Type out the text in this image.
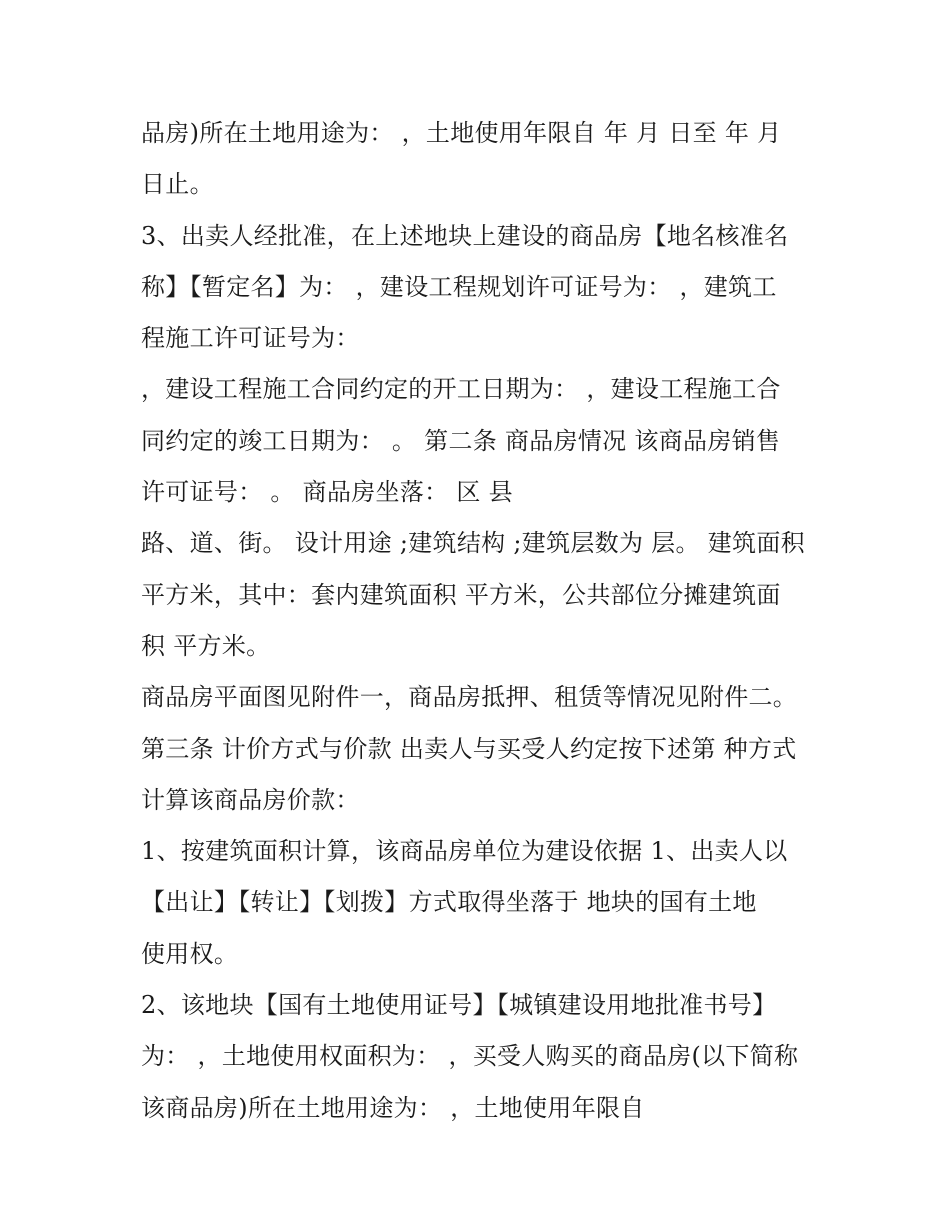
品房)所在土地用途为： ，土地使用年限自 年 月 日至 年 月
日止。
3、出卖人经批准，在上述地块上建设的商品房【地名核准名
称】【暂定名】为： ，建设工程规划许可证号为： ，建筑工
程施工许可证号为：
，建设工程施工合同约定的开工日期为： ，建设工程施工合
同约定的竣工日期为： 。 第二条 商品房情况 该商品房销售
许可证号： 。 商品房坐落： 区 县
路、道、街。 设计用途 ;建筑结构 ;建筑层数为 层。 建筑面积
平方米，其中：套内建筑面积 平方米，公共部位分摊建筑面
积 平方米。
商品房平面图见附件一，商品房抵押、租赁等情况见附件二。
第三条 计价方式与价款 出卖人与买受人约定按下述第 种方式
计算该商品房价款：
1、按建筑面积计算，该商品房单位为建设依据 1、出卖人以
【出让】【转让】【划拨】方式取得坐落于 地块的国有土地
使用权。
2、该地块【国有土地使用证号】【城镇建设用地批准书号】
为： ，土地使用权面积为： ，买受人购买的商品房(以下简称
该商品房)所在土地用途为： ，土地使用年限自
